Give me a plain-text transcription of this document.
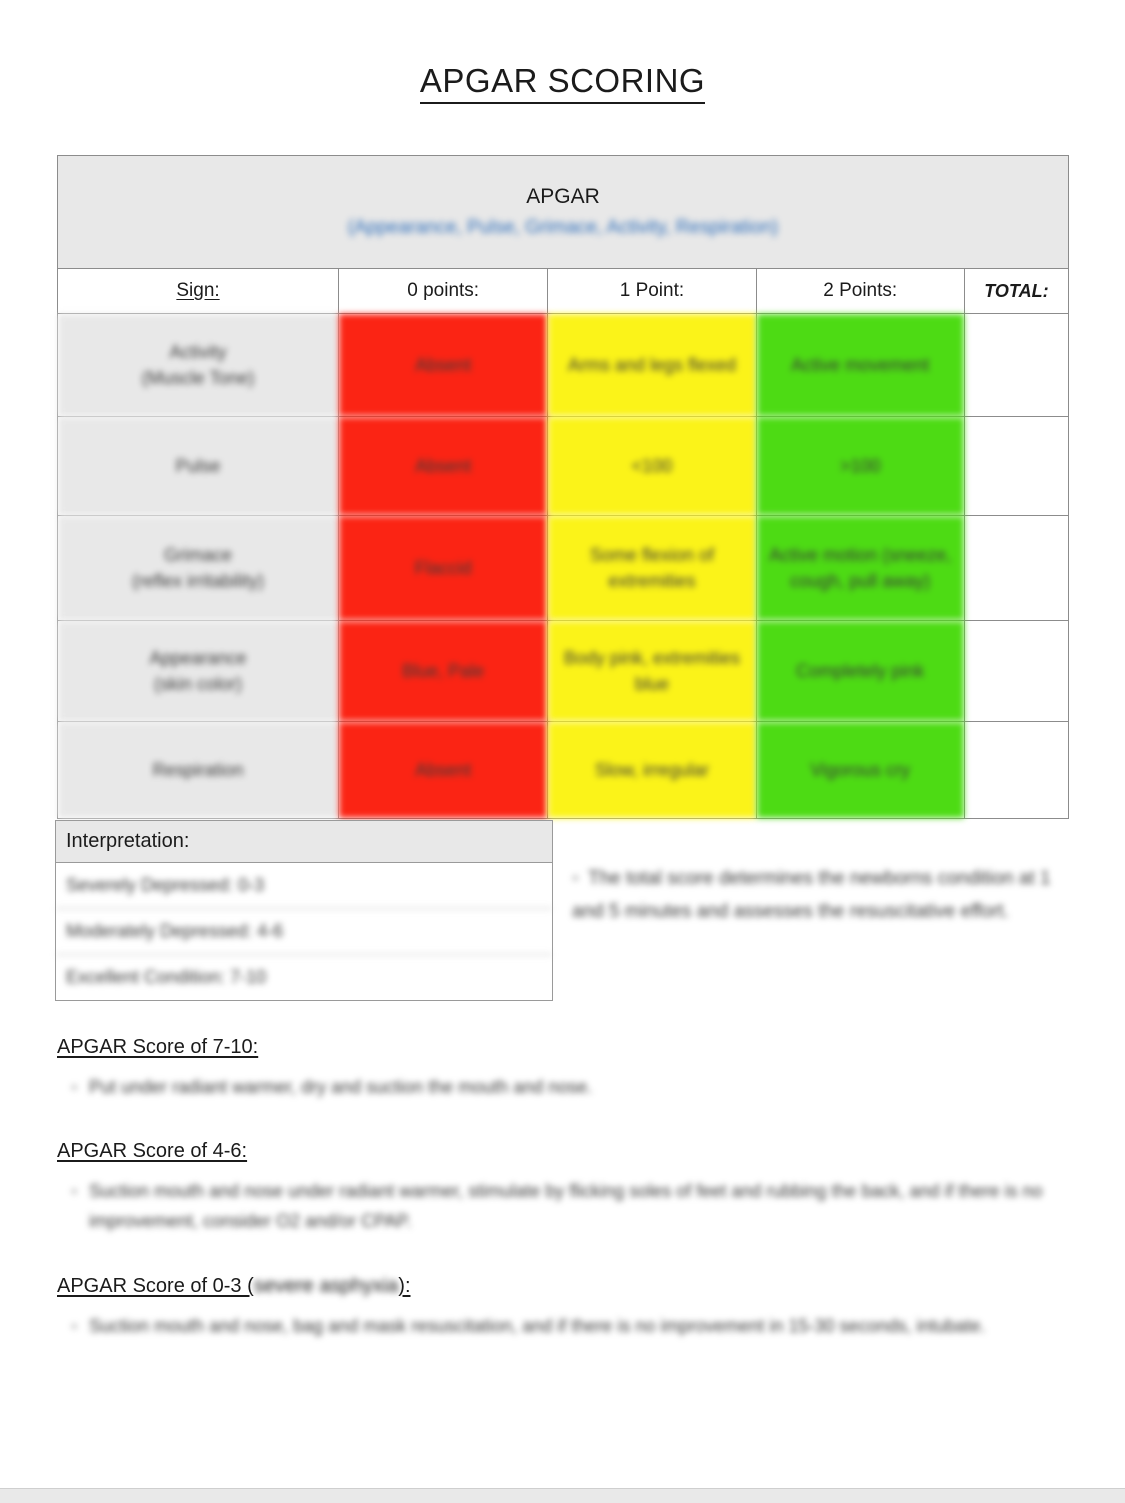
APGAR SCORING
APGAR
(Appearance, Pulse, Grimace, Activity, Respiration)				

Sign:	0 points:	1 Point:	2 Points:	TOTAL:

Activity
(Muscle Tone)	Absent	Arms and legs flexed	Active movement	

Pulse	Absent	<100	>100	

Grimace
(reflex irritability)	Flaccid	Some flexion of extremities	Active motion (sneeze, cough, pull away)	

Appearance
(skin color)	Blue, Pale	Body pink, extremities blue	Completely pink	

Respiration	Absent	Slow, irregular	Vigorous cry	
Interpretation:
Severely Depressed: 0-3
Moderately Depressed: 4-6
Excellent Condition: 7-10
◦ The total score determines the newborns condition at 1 and 5 minutes and assesses the resuscitative effort.
APGAR Score of 7-10:
◦ Put under radiant warmer, dry and suction the mouth and nose.
APGAR Score of 4-6:
◦ Suction mouth and nose under radiant warmer, stimulate by flicking soles of feet and rubbing the back, and if there is no improvement, consider O2 and/or CPAP.
APGAR Score of 0-3 (severe asphyxia):
◦ Suction mouth and nose, bag and mask resuscitation, and if there is no improvement in 15-30 seconds, intubate.
